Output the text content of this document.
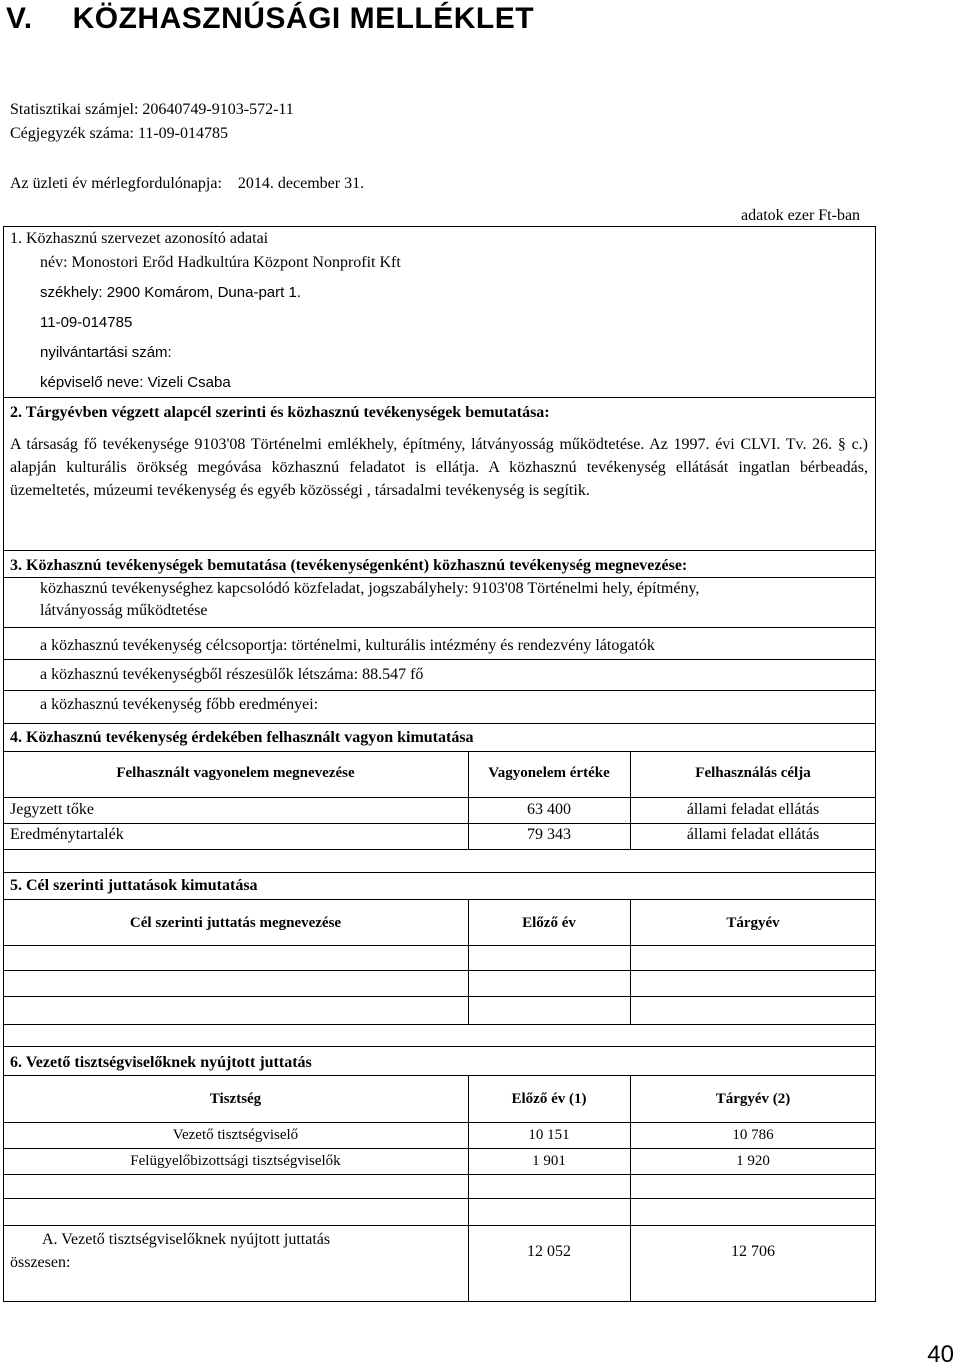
V. KÖZHASZNÚSÁGI MELLÉKLET
Statisztikai számjel: 20640749-9103-572-11
Cégjegyzék száma: 11-09-014785
Az üzleti év mérlegfordulónapja: 2014. december 31.
adatok ezer Ft-ban
1. Közhasznú szervezet azonosító adatai
név: Monostori Erőd Hadkultúra Központ Nonprofit Kft
székhely: 2900 Komárom, Duna-part 1.
11-09-014785
nyilvántartási szám:
képviselő neve: Vizeli Csaba
2. Tárgyévben végzett alapcél szerinti és közhasznú tevékenységek bemutatása:
A társaság fő tevékenysége 9103'08 Történelmi emlékhely, építmény, látványosság működtetése. Az 1997. évi CLVI. Tv. 26. § c.) alapján kulturális örökség megóvása közhasznú feladatot is ellátja. A közhasznú tevékenység ellátását ingatlan bérbeadás, üzemeltetés, múzeumi tevékenység és egyéb közösségi , társadalmi tevékenység is segítik.
3. Közhasznú tevékenységek bemutatása (tevékenységenként) közhasznú tevékenység megnevezése:
közhasznú tevékenységhez kapcsolódó közfeladat, jogszabályhely: 9103'08 Történelmi hely, építmény,
látványosság működtetése
a közhasznú tevékenység célcsoportja: történelmi, kulturális intézmény és rendezvény látogatók
a közhasznú tevékenységből részesülők létszáma: 88.547 fő
a közhasznú tevékenység főbb eredményei:
4. Közhasznú tevékenység érdekében felhasznált vagyon kimutatása
Felhasznált vagyonelem megnevezése	Vagyonelem értéke	Felhasználás célja
Jegyzett tőke	63 400	állami feladat ellátás
Eredménytartalék	79 343	állami feladat ellátás
5. Cél szerinti juttatások kimutatása
Cél szerinti juttatás megnevezése	Előző év	Tárgyév
6. Vezető tisztségviselőknek nyújtott juttatás
Tisztség	Előző év (1)	Tárgyév (2)
Vezető tisztségviselő	10 151	10 786
Felügyelőbizottsági tisztségviselők	1 901	1 920
A. Vezető tisztségviselőknek nyújtott juttatás
összesen:
12 052	12 706
40
